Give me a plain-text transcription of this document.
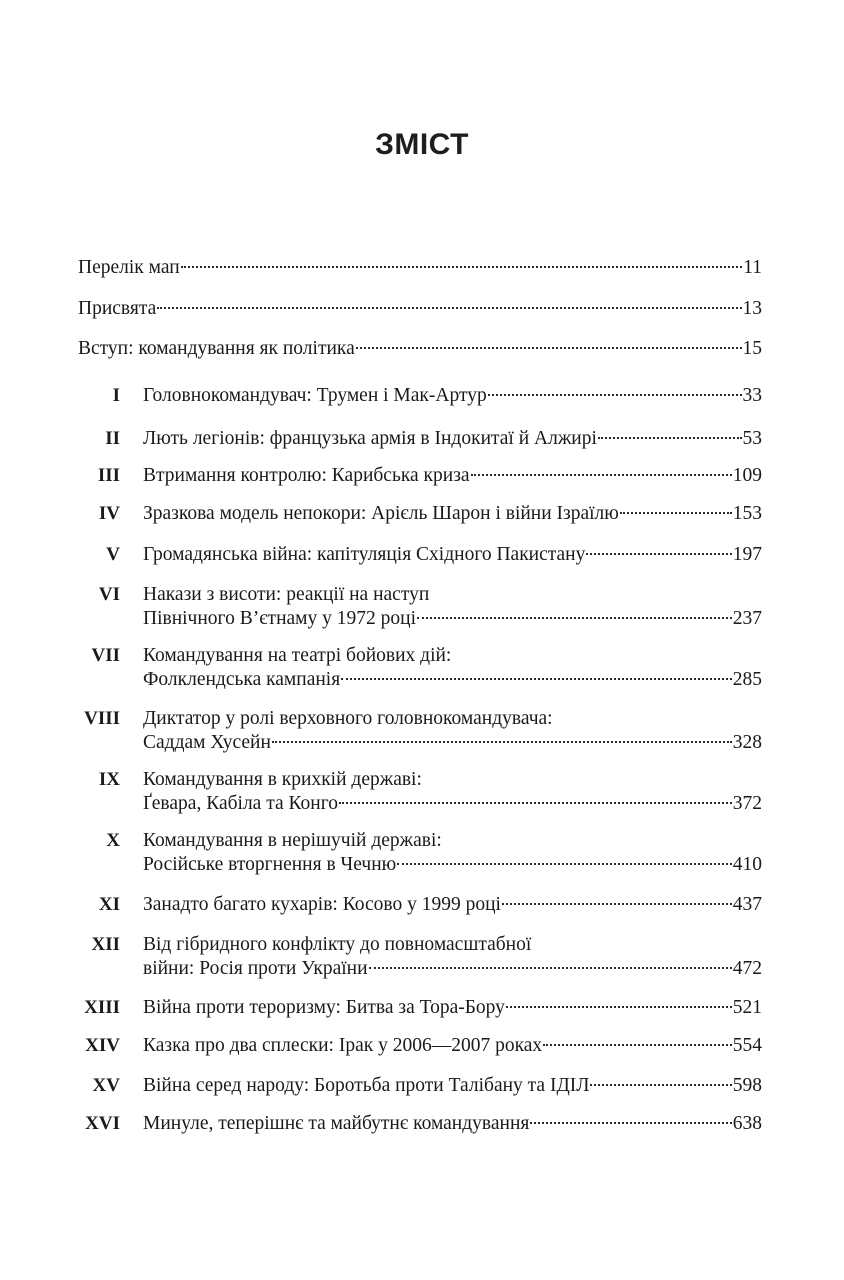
ЗМІСТ
Перелік мап	11
Присвята	13
Вступ: командування як політика	15
I Головнокомандувач: Трумен і Мак-Артур	33
II Лють легіонів: французька армія в Індокитаї й Алжирі	53
III Втримання контролю: Карибська криза	109
IV Зразкова модель непокори: Арієль Шарон і війни Ізраїлю	153
V Громадянська війна: капітуляція Східного Пакистану	197
VI Накази з висоти: реакції на наступ
Північного В’єтнаму у 1972 році	237
VII Командування на театрі бойових дій:
Фолклендська кампанія	285
VIII Диктатор у ролі верховного головнокомандувача:
Саддам Хусейн	328
IX Командування в крихкій державі:
Ґевара, Кабіла та Конго	372
X Командування в нерішучій державі:
Російське вторгнення в Чечню	410
XI Занадто багато кухарів: Косово у 1999 році	437
XII Від гібридного конфлікту до повномасштабної
війни: Росія проти України	472
XIII Війна проти тероризму: Битва за Тора-Бору	521
XIV Казка про два сплески: Ірак у 2006—2007 роках	554
XV Війна серед народу: Боротьба проти Талібану та ІДІЛ	598
XVI Минуле, теперішнє та майбутнє командування	638
